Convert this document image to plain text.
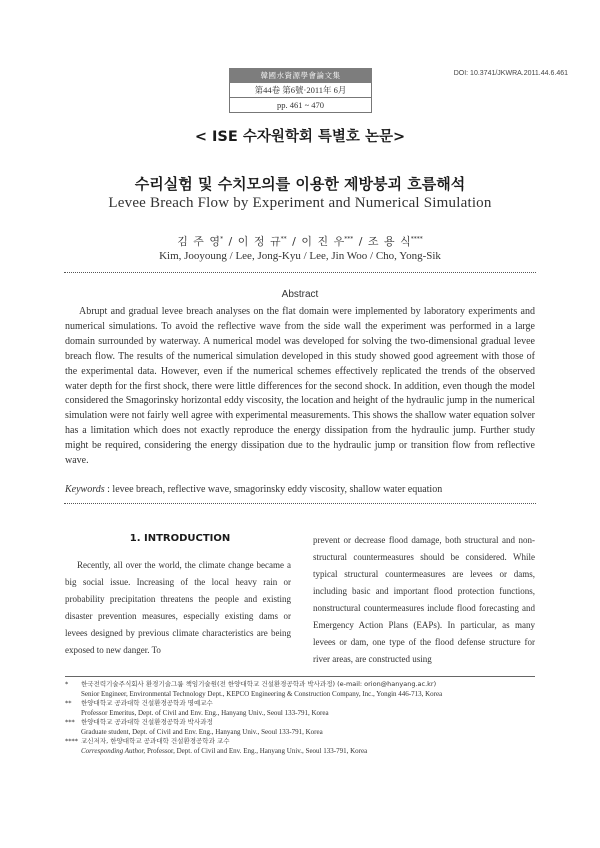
韓國水資源學會論文集
第44卷 第6號·2011年 6月
pp. 461 ~ 470
DOI: 10.3741/JKWRA.2011.44.6.461
< ISE 수자원학회 특별호 논문>
수리실험 및 수치모의를 이용한 제방붕괴 흐름해석
Levee Breach Flow by Experiment and Numerical Simulation
김 주 영* / 이 정 규** / 이 진 우*** / 조 용 식****
Kim, Jooyoung / Lee, Jong-Kyu / Lee, Jin Woo / Cho, Yong-Sik
Abstract

Abrupt and gradual levee breach analyses on the flat domain were implemented by laboratory experiments and numerical simulations. To avoid the reflective wave from the side wall the experiment was performed in a large domain surrounded by waterway. A numerical model was developed for solving the two-dimensional gradual levee breach flow. The results of the numerical simulation developed in this study showed good agreement with those of the experimental data. However, even if the numerical schemes effectively replicated the trends of the observed water depth for the first shock, there were little differences for the second shock. In addition, even though the model considered the Smagorinsky horizontal eddy viscosity, the location and height of the hydraulic jump in the numerical simulation were not fairly well agree with experimental measurements. This shows the shallow water equation solver has a limitation which does not exactly reproduce the energy dissipation from the hydraulic jump. Further study might be required, considering the energy dissipation due to the hydraulic jump or transition flow from reflective wave.

Keywords : levee breach, reflective wave, smagorinsky eddy viscosity, shallow water equation
1. INTRODUCTION

Recently, all over the world, the climate change became a big social issue. Increasing of the local heavy rain or probability precipitation threatens the people and existing disaster prevention measures, especially existing dams or levees designed by previous climate characteristics are being exposed to new danger. To

prevent or decrease flood damage, both structural and non-structural countermeasures should be considered. While typical structural countermeasures are levees or dams, including basic and important flood protection functions, nonstructural countermeasures include flood forecasting and Emergency Action Plans (EAPs). In particular, as many levees or dam, one type of the flood defense structure for river areas, are constructed using

* 한국전력기술주식회사 환경기술그룹 책임기술원(전 한양대학교 건설환경공학과 박사과정) (e-mail: orion@hanyang.ac.kr)
Senior Engineer, Environmental Technology Dept., KEPCO Engineering & Construction Company, Inc., Yongin 446-713, Korea
** 한양대학교 공과대학 건설환경공학과 명예교수
Professor Emeritus, Dept. of Civil and Env. Eng., Hanyang Univ., Seoul 133-791, Korea
*** 한양대학교 공과대학 건설환경공학과 박사과정
Graduate student, Dept. of Civil and Env. Eng., Hanyang Univ., Seoul 133-791, Korea
**** 교신저자, 한양대학교 공과대학 건설환경공학과 교수
Corresponding Author, Professor, Dept. of Civil and Env. Eng., Hanyang Univ., Seoul 133-791, Korea
